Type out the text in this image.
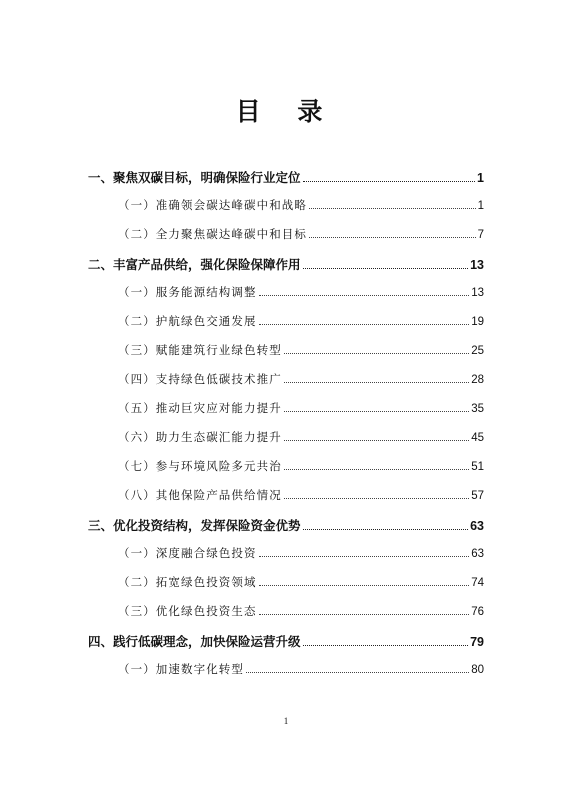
目 录
一、聚焦双碳目标，明确保险行业定位	1
（一）准确领会碳达峰碳中和战略	1
（二）全力聚焦碳达峰碳中和目标	7
二、丰富产品供给，强化保险保障作用	13
（一）服务能源结构调整	13
（二）护航绿色交通发展	19
（三）赋能建筑行业绿色转型	25
（四）支持绿色低碳技术推广	28
（五）推动巨灾应对能力提升	35
（六）助力生态碳汇能力提升	45
（七）参与环境风险多元共治	51
（八）其他保险产品供给情况	57
三、优化投资结构，发挥保险资金优势	63
（一）深度融合绿色投资	63
（二）拓宽绿色投资领域	74
（三）优化绿色投资生态	76
四、践行低碳理念，加快保险运营升级	79
（一）加速数字化转型	80
1
